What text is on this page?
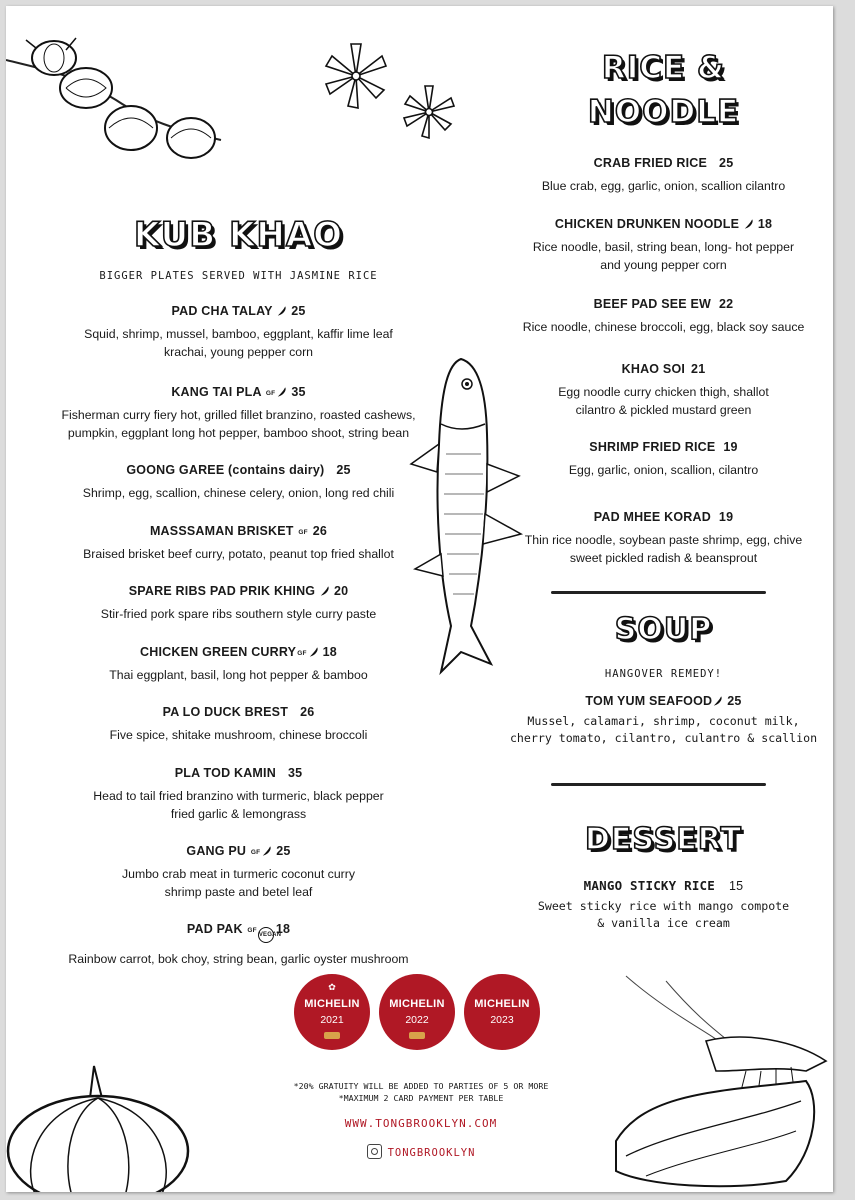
KUB KHAO
BIGGER PLATES SERVED WITH JASMINE RICE
PAD CHA TALAY 25
Squid, shrimp, mussel, bamboo, eggplant, kaffir lime leaf
krachai, young pepper corn
KANG TAI PLA GF 35
Fisherman curry fiery hot, grilled fillet branzino, roasted cashews,
pumpkin, eggplant long hot pepper, bamboo shoot, string bean
GOONG GAREE (contains dairy) 25
Shrimp, egg, scallion, chinese celery, onion, long red chili
MASSSAMAN BRISKET GF 26
Braised brisket beef curry, potato, peanut top fried shallot
SPARE RIBS PAD PRIK KHING 20
Stir-fried pork spare ribs southern style curry paste
CHICKEN GREEN CURRYGF 18
Thai eggplant, basil, long hot pepper & bamboo
PA LO DUCK BREST 26
Five spice, shitake mushroom, chinese broccoli
PLA TOD KAMIN 35
Head to tail fried branzino with turmeric, black pepper
fried garlic & lemongrass
GANG PU GF 25
Jumbo crab meat in turmeric coconut curry
shrimp paste and betel leaf
PAD PAK GFVEGAN18
Rainbow carrot, bok choy, string bean, garlic oyster mushroom
RICE &
NOODLE
CRAB FRIED RICE 25
Blue crab, egg, garlic, onion, scallion cilantro
CHICKEN DRUNKEN NOODLE 18
Rice noodle, basil, string bean, long- hot pepper
and young pepper corn
BEEF PAD SEE EW 22
Rice noodle, chinese broccoli, egg, black soy sauce
KHAO SOI 21
Egg noodle curry chicken thigh, shallot
cilantro & pickled mustard green
SHRIMP FRIED RICE 19
Egg, garlic, onion, scallion, cilantro
PAD MHEE KORAD 19
Thin rice noodle, soybean paste shrimp, egg, chive
sweet pickled radish & beansprout
SOUP
HANGOVER REMEDY!
TOM YUM SEAFOOD 25
Mussel, calamari, shrimp, coconut milk,
cherry tomato, cilantro, culantro & scallion
DESSERT
MANGO STICKY RICE 15
Sweet sticky rice with mango compote
& vanilla ice cream
✿
MICHELIN
2021
MICHELIN
2022
MICHELIN
2023
*20% GRATUITY WILL BE ADDED TO PARTIES OF 5 OR MORE
*MAXIMUM 2 CARD PAYMENT PER TABLE
WWW.TONGBROOKLYN.COM
TONGBROOKLYN
